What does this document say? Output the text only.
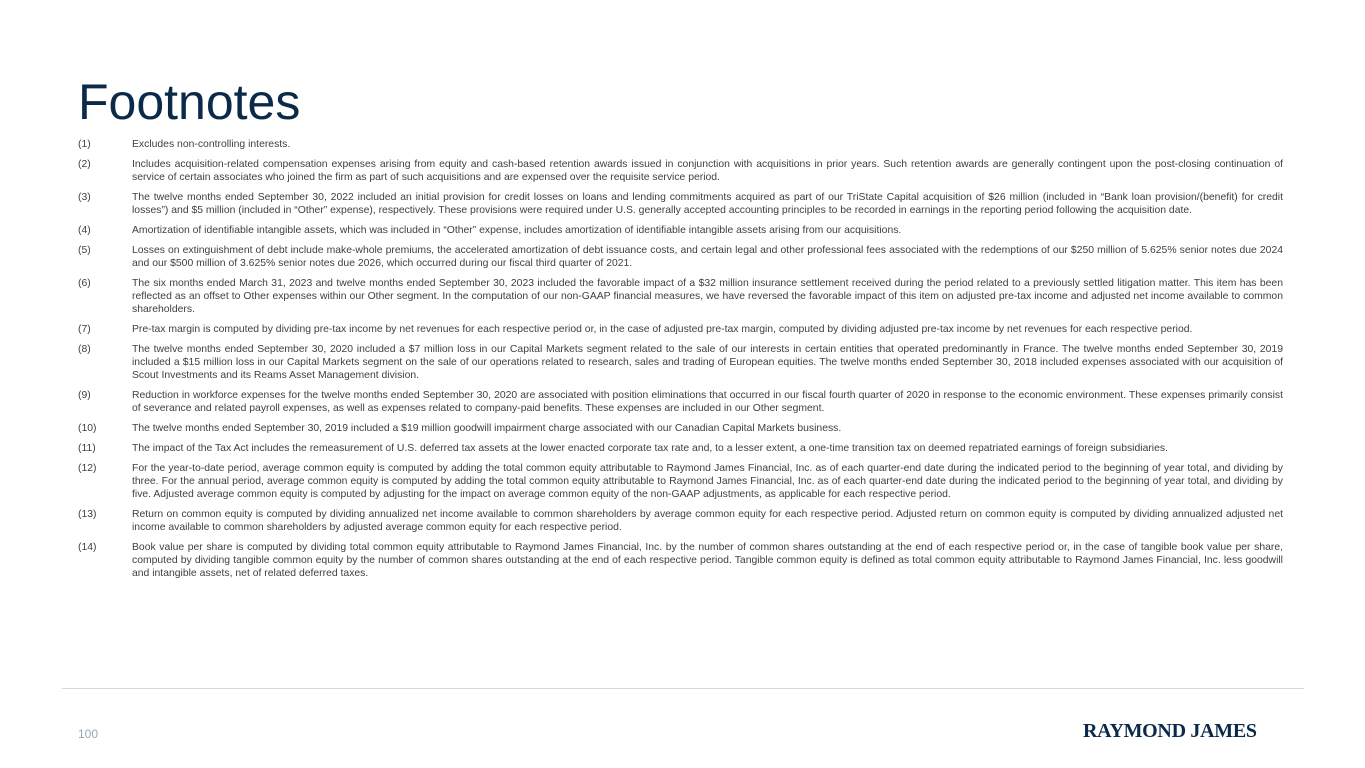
Footnotes
(1)	Excludes non-controlling interests.
(2)	Includes acquisition-related compensation expenses arising from equity and cash-based retention awards issued in conjunction with acquisitions in prior years. Such retention awards are generally contingent upon the post-closing continuation of service of certain associates who joined the firm as part of such acquisitions and are expensed over the requisite service period.
(3)	The twelve months ended September 30, 2022 included an initial provision for credit losses on loans and lending commitments acquired as part of our TriState Capital acquisition of $26 million (included in “Bank loan provision/(benefit) for credit losses”) and $5 million (included in “Other” expense), respectively. These provisions were required under U.S. generally accepted accounting principles to be recorded in earnings in the reporting period following the acquisition date.
(4)	Amortization of identifiable intangible assets, which was included in “Other” expense, includes amortization of identifiable intangible assets arising from our acquisitions.
(5)	Losses on extinguishment of debt include make-whole premiums, the accelerated amortization of debt issuance costs, and certain legal and other professional fees associated with the redemptions of our $250 million of 5.625% senior notes due 2024 and our $500 million of 3.625% senior notes due 2026, which occurred during our fiscal third quarter of 2021.
(6)	The six months ended March 31, 2023 and twelve months ended September 30, 2023 included the favorable impact of a $32 million insurance settlement received during the period related to a previously settled litigation matter. This item has been reflected as an offset to Other expenses within our Other segment. In the computation of our non-GAAP financial measures, we have reversed the favorable impact of this item on adjusted pre-tax income and adjusted net income available to common shareholders.
(7)	Pre-tax margin is computed by dividing pre-tax income by net revenues for each respective period or, in the case of adjusted pre-tax margin, computed by dividing adjusted pre-tax income by net revenues for each respective period.
(8)	The twelve months ended September 30, 2020 included a $7 million loss in our Capital Markets segment related to the sale of our interests in certain entities that operated predominantly in France. The twelve months ended September 30, 2019 included a $15 million loss in our Capital Markets segment on the sale of our operations related to research, sales and trading of European equities. The twelve months ended September 30, 2018 included expenses associated with our acquisition of Scout Investments and its Reams Asset Management division.
(9)	Reduction in workforce expenses for the twelve months ended September 30, 2020 are associated with position eliminations that occurred in our fiscal fourth quarter of 2020 in response to the economic environment. These expenses primarily consist of severance and related payroll expenses, as well as expenses related to company-paid benefits. These expenses are included in our Other segment.
(10)	The twelve months ended September 30, 2019 included a $19 million goodwill impairment charge associated with our Canadian Capital Markets business.
(11)	The impact of the Tax Act includes the remeasurement of U.S. deferred tax assets at the lower enacted corporate tax rate and, to a lesser extent, a one-time transition tax on deemed repatriated earnings of foreign subsidiaries.
(12)	For the year-to-date period, average common equity is computed by adding the total common equity attributable to Raymond James Financial, Inc. as of each quarter-end date during the indicated period to the beginning of year total, and dividing by three. For the annual period, average common equity is computed by adding the total common equity attributable to Raymond James Financial, Inc. as of each quarter-end date during the indicated period to the beginning of year total, and dividing by five. Adjusted average common equity is computed by adjusting for the impact on average common equity of the non-GAAP adjustments, as applicable for each respective period.
(13)	Return on common equity is computed by dividing annualized net income available to common shareholders by average common equity for each respective period. Adjusted return on common equity is computed by dividing annualized adjusted net income available to common shareholders by adjusted average common equity for each respective period.
(14)	Book value per share is computed by dividing total common equity attributable to Raymond James Financial, Inc. by the number of common shares outstanding at the end of each respective period or, in the case of tangible book value per share, computed by dividing tangible common equity by the number of common shares outstanding at the end of each respective period. Tangible common equity is defined as total common equity attributable to Raymond James Financial, Inc. less goodwill and intangible assets, net of related deferred taxes.
100	RAYMOND JAMES
